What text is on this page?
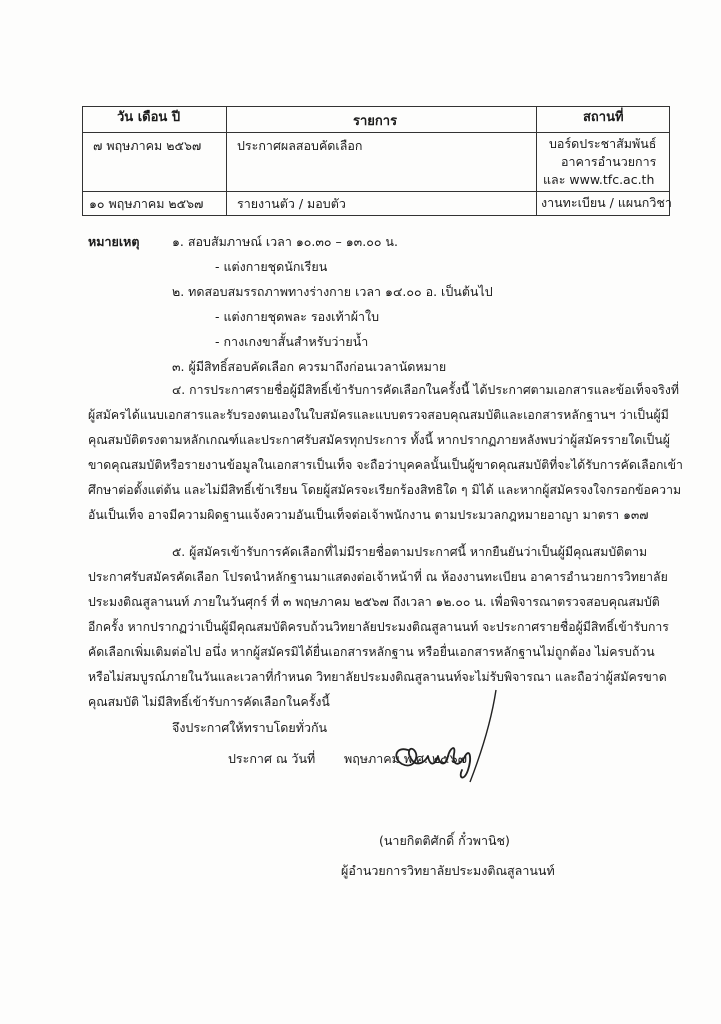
วัน เดือน ปี	รายการ	สถานที่
๗ พฤษภาคม ๒๕๖๗	ประกาศผลสอบคัดเลือก	บอร์ดประชาสัมพันธ์
อาคารอำนวยการ
และ www.tfc.ac.th
๑๐ พฤษภาคม ๒๕๖๗	รายงานตัว / มอบตัว	งานทะเบียน / แผนกวิชา
หมายเหตุ	๑. สอบสัมภาษณ์ เวลา ๑๐.๓๐ – ๑๓.๐๐ น.
- แต่งกายชุดนักเรียน
๒. ทดสอบสมรรถภาพทางร่างกาย เวลา ๑๔.๐๐ อ. เป็นต้นไป
- แต่งกายชุดพละ รองเท้าผ้าใบ
- กางเกงขาสั้นสำหรับว่ายน้ำ
๓. ผู้มีสิทธิ์สอบคัดเลือก ควรมาถึงก่อนเวลานัดหมาย
๔. การประกาศรายชื่อผู้มีสิทธิ์เข้ารับการคัดเลือกในครั้งนี้ ได้ประกาศตามเอกสารและข้อเท็จจริงที่
ผู้สมัครได้แนบเอกสารและรับรองตนเองในใบสมัครและแบบตรวจสอบคุณสมบัติและเอกสารหลักฐานฯ ว่าเป็นผู้มี
คุณสมบัติตรงตามหลักเกณฑ์และประกาศรับสมัครทุกประการ ทั้งนี้ หากปรากฏภายหลังพบว่าผู้สมัครรายใดเป็นผู้
ขาดคุณสมบัติหรือรายงานข้อมูลในเอกสารเป็นเท็จ จะถือว่าบุคคลนั้นเป็นผู้ขาดคุณสมบัติที่จะได้รับการคัดเลือกเข้า
ศึกษาต่อตั้งแต่ต้น และไม่มีสิทธิ์เข้าเรียน โดยผู้สมัครจะเรียกร้องสิทธิใด ๆ มิได้ และหากผู้สมัครจงใจกรอกข้อความ
อันเป็นเท็จ อาจมีความผิดฐานแจ้งความอันเป็นเท็จต่อเจ้าพนักงาน ตามประมวลกฎหมายอาญา มาตรา ๑๓๗
๕. ผู้สมัครเข้ารับการคัดเลือกที่ไม่มีรายชื่อตามประกาศนี้ หากยืนยันว่าเป็นผู้มีคุณสมบัติตาม
ประกาศรับสมัครคัดเลือก โปรดนำหลักฐานมาแสดงต่อเจ้าหน้าที่ ณ ห้องงานทะเบียน อาคารอำนวยการวิทยาลัย
ประมงติณสูลานนท์ ภายในวันศุกร์ ที่ ๓ พฤษภาคม ๒๕๖๗ ถึงเวลา ๑๒.๐๐ น. เพื่อพิจารณาตรวจสอบคุณสมบัติ
อีกครั้ง หากปรากฏว่าเป็นผู้มีคุณสมบัติครบถ้วนวิทยาลัยประมงติณสูลานนท์ จะประกาศรายชื่อผู้มีสิทธิ์เข้ารับการ
คัดเลือกเพิ่มเติมต่อไป อนึ่ง หากผู้สมัครมิได้ยื่นเอกสารหลักฐาน หรือยื่นเอกสารหลักฐานไม่ถูกต้อง ไม่ครบถ้วน
หรือไม่สมบูรณ์ภายในวันและเวลาที่กำหนด วิทยาลัยประมงติณสูลานนท์จะไม่รับพิจารณา และถือว่าผู้สมัครขาด
คุณสมบัติ ไม่มีสิทธิ์เข้ารับการคัดเลือกในครั้งนี้
จึงประกาศให้ทราบโดยทั่วกัน
ประกาศ ณ วันที่ พฤษภาคม พ.ศ. ๒๕๖๗
(นายกิตติศักดิ์ กั๋วพานิช)
ผู้อำนวยการวิทยาลัยประมงติณสูลานนท์
